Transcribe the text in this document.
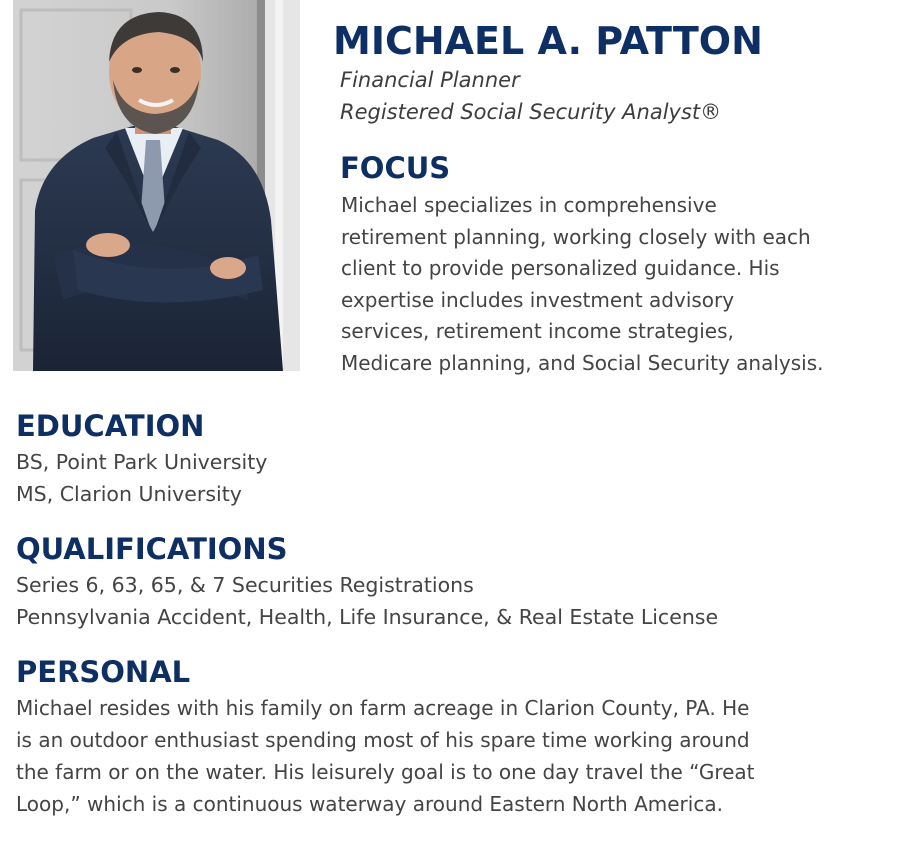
MICHAEL A. PATTON
Financial Planner
Registered Social Security Analyst®
FOCUS
Michael specializes in comprehensive
retirement planning, working closely with each
client to provide personalized guidance. His
expertise includes investment advisory
services, retirement income strategies,
Medicare planning, and Social Security analysis.
EDUCATION
BS, Point Park University
MS, Clarion University
QUALIFICATIONS
Series 6, 63, 65, & 7 Securities Registrations
Pennsylvania Accident, Health, Life Insurance, & Real Estate License
PERSONAL
Michael resides with his family on farm acreage in Clarion County, PA. He
is an outdoor enthusiast spending most of his spare time working around
the farm or on the water. His leisurely goal is to one day travel the “Great
Loop,” which is a continuous waterway around Eastern North America.
